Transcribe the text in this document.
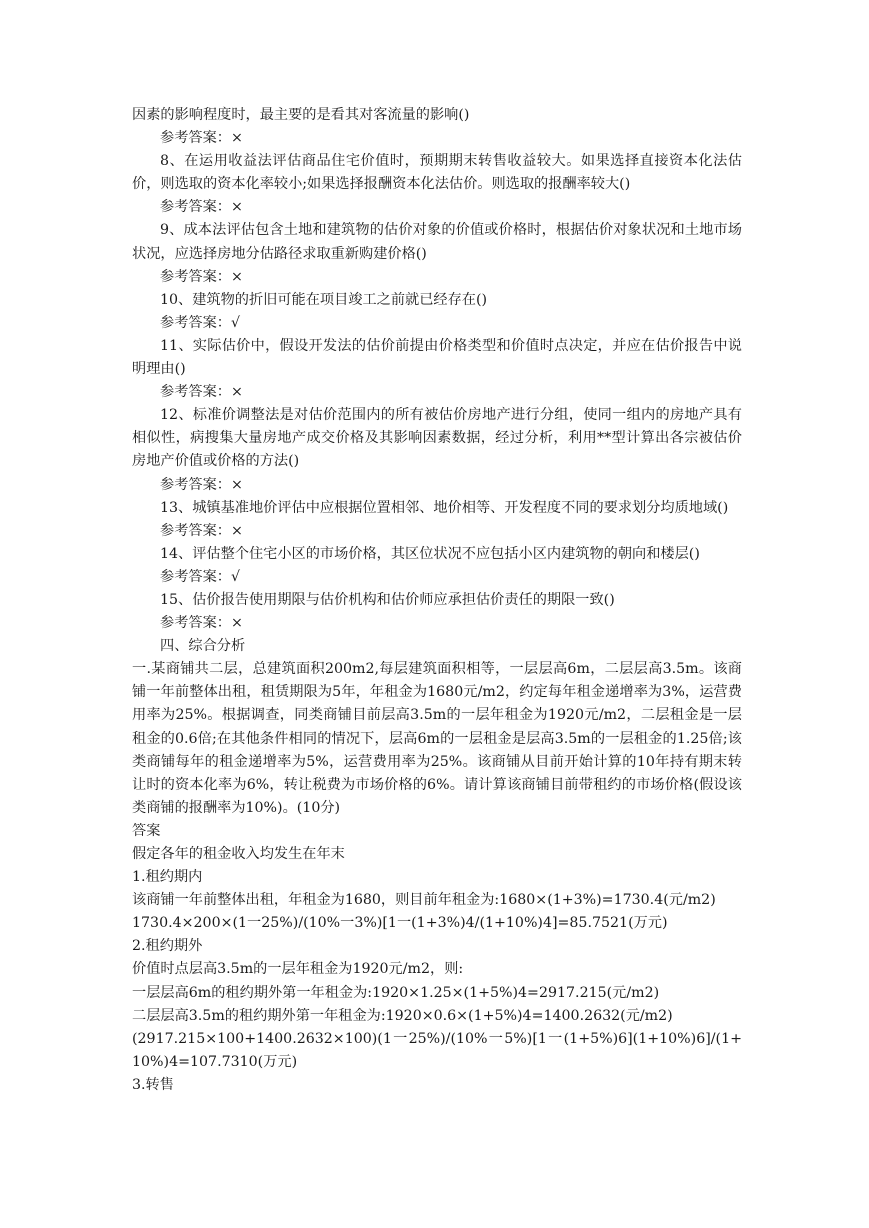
因素的影响程度时，最主要的是看其对客流量的影响()

参考答案：×

8、在运用收益法评估商品住宅价值时，预期期末转售收益较大。如果选择直接资本化法估价，则选取的资本化率较小;如果选择报酬资本化法估价。则选取的报酬率较大()

参考答案：×

9、成本法评估包含土地和建筑物的估价对象的价值或价格时，根据估价对象状况和土地市场状况，应选择房地分估路径求取重新购建价格()

参考答案：×

10、建筑物的折旧可能在项目竣工之前就已经存在()

参考答案：√

11、实际估价中，假设开发法的估价前提由价格类型和价值时点决定，并应在估价报告中说明理由()

参考答案：×

12、标准价调整法是对估价范围内的所有被估价房地产进行分组，使同一组内的房地产具有相似性，病搜集大量房地产成交价格及其影响因素数据，经过分析，利用**型计算出各宗被估价房地产价值或价格的方法()

参考答案：×

13、城镇基准地价评估中应根据位置相邻、地价相等、开发程度不同的要求划分均质地域()

参考答案：×

14、评估整个住宅小区的市场价格，其区位状况不应包括小区内建筑物的朝向和楼层()

参考答案：√

15、估价报告使用期限与估价机构和估价师应承担估价责任的期限一致()

参考答案：×

四、综合分析

一.某商铺共二层，总建筑面积200m2,每层建筑面积相等，一层层高6m，二层层高3.5m。该商铺一年前整体出租，租赁期限为5年，年租金为1680元/m2，约定每年租金递增率为3%，运营费用率为25%。根据调查，同类商铺目前层高3.5m的一层年租金为1920元/m2，二层租金是一层租金的0.6倍;在其他条件相同的情况下，层高6m的一层租金是层高3.5m的一层租金的1.25倍;该类商铺每年的租金递增率为5%，运营费用率为25%。该商铺从目前开始计算的10年持有期末转让时的资本化率为6%，转让税费为市场价格的6%。请计算该商铺目前带租约的市场价格(假设该类商铺的报酬率为10%)。(10分)

答案

假定各年的租金收入均发生在年末

1.租约期内

该商铺一年前整体出租，年租金为1680，则目前年租金为:1680×(1+3%)=1730.4(元/m2)

1730.4×200×(1一25%)/(10%一3%)[1一(1+3%)4/(1+10%)4]=85.7521(万元)

2.租约期外

价值时点层高3.5m的一层年租金为1920元/m2，则:

一层层高6m的租约期外第一年租金为:1920×1.25×(1+5%)4=2917.215(元/m2)

二层层高3.5m的租约期外第一年租金为:1920×0.6×(1+5%)4=1400.2632(元/m2)

(2917.215×100+1400.2632×100)(1一25%)/(10%一5%)[1一(1+5%)6](1+10%)6]/(1+10%)4=107.7310(万元)

3.转售
